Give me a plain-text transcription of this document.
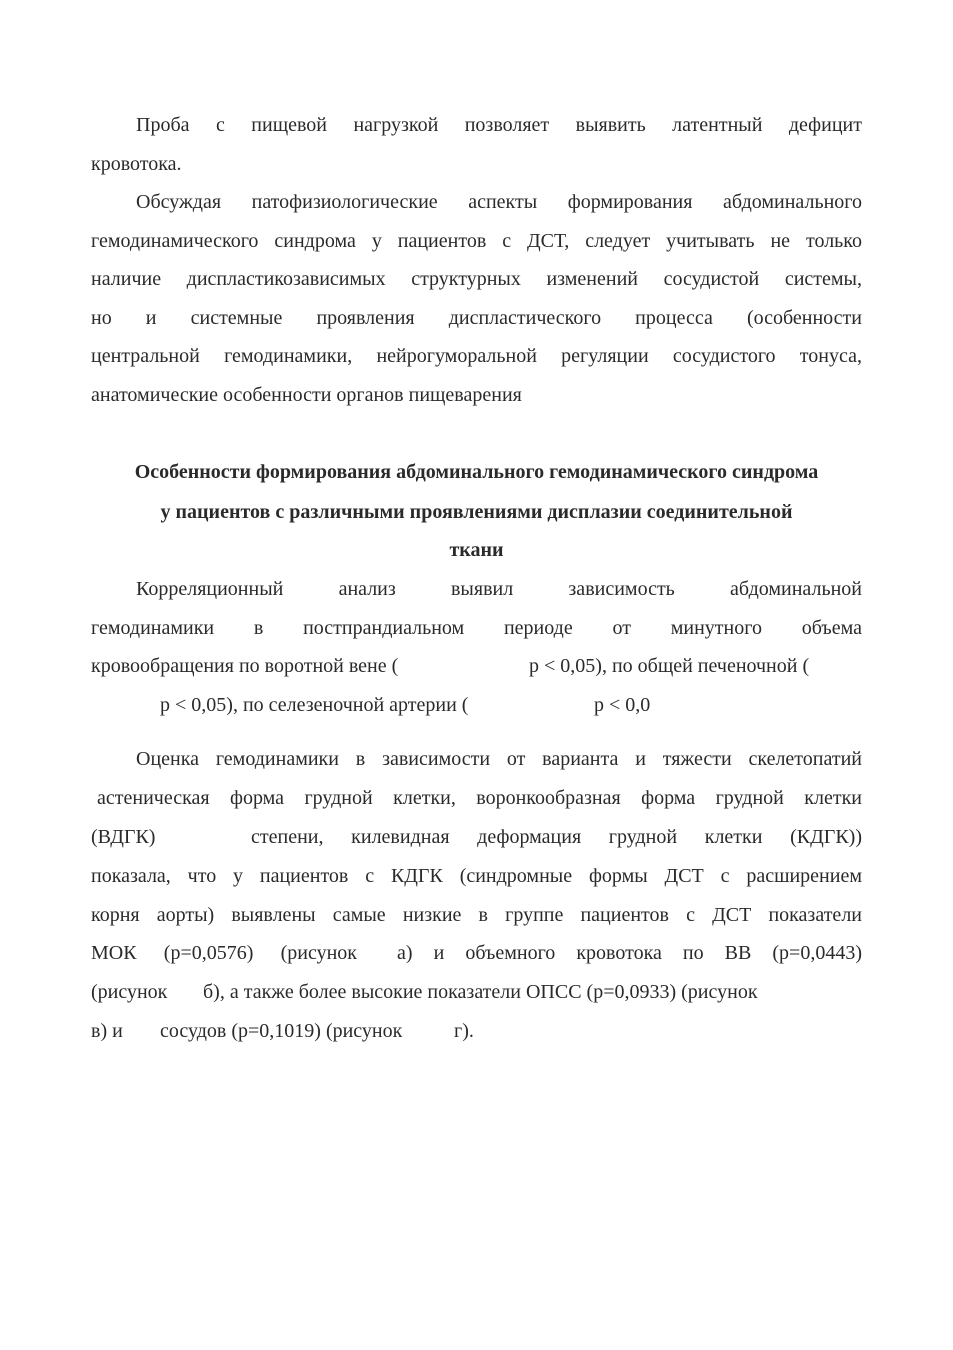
Проба с пищевой нагрузкой позволяет выявить латентный дефицит
кровотока.
Обсуждая патофизиологические аспекты формирования абдоминального
гемодинамического синдрома у пациентов с ДСТ, следует учитывать не только
наличие диспластикозависимых структурных изменений сосудистой системы,
но и системные проявления диспластического процесса (особенности
центральной гемодинамики, нейрогуморальной регуляции сосудистого тонуса,
анатомические особенности органов пищеварения
Особенности формирования абдоминального гемодинамического синдрома
у пациентов с различными проявлениями дисплазии соединительной
ткани
Корреляционный анализ выявил зависимость абдоминальной
гемодинамики в постпрандиальном периоде от минутного объема
кровообращения по воротной вене (	p < 0,05), по общей печеночной (
p < 0,05), по селезеночной артерии (	p < 0,0
Оценка гемодинамики в зависимости от варианта и тяжести скелетопатий
астеническая форма грудной клетки, воронкообразная форма грудной клетки
(ВДГК)	степени, килевидная деформация грудной клетки (КДГК))
показала, что у пациентов с КДГК (синдромные формы ДСТ с расширением
корня аорты) выявлены самые низкие в группе пациентов с ДСТ показатели
МОК (p=0,0576) (рисунок а) и объемного кровотока по ВВ (p=0,0443)
(рисунок б), а также более высокие показатели ОПСС (p=0,0933) (рисунок
в) и сосудов (p=0,1019) (рисунок	г).
